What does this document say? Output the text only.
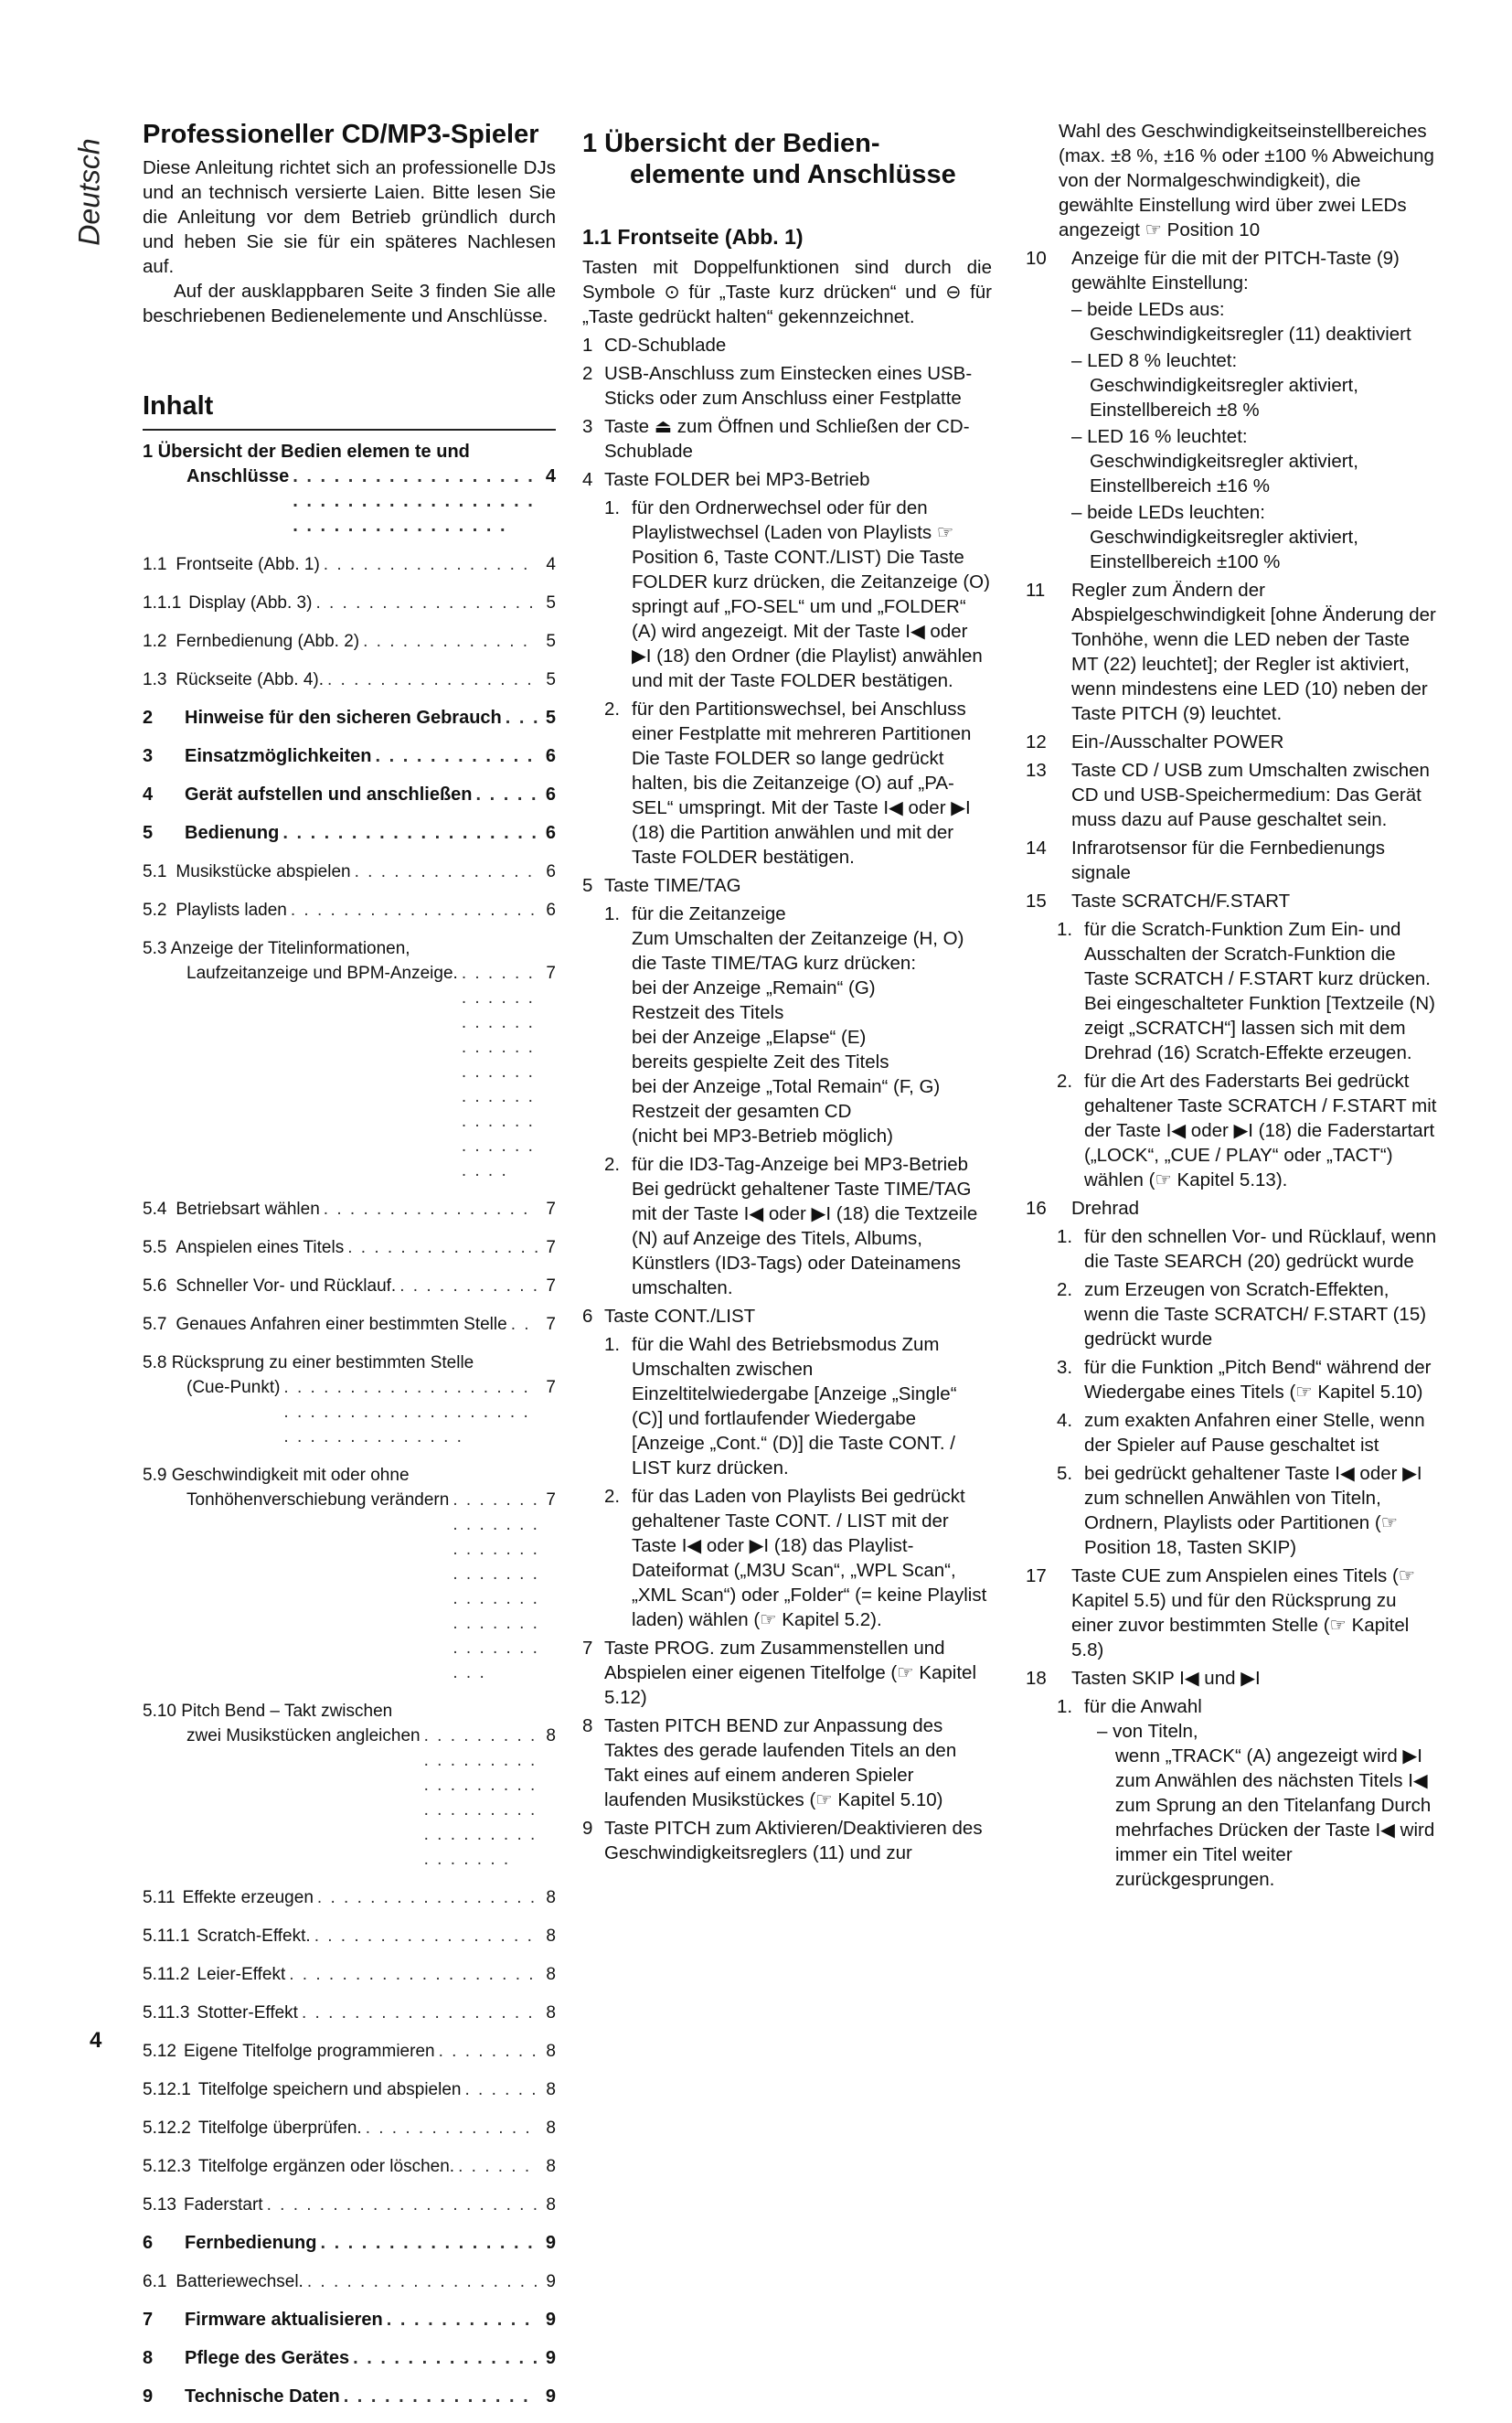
Deutsch
Professioneller CD/MP3-Spieler

Diese Anleitung richtet sich an professionelle DJs und an technisch versierte Laien. Bitte lesen Sie die Anleitung vor dem Betrieb gründlich durch und heben Sie sie für ein späteres Nachlesen auf.

Auf der ausklappbaren Seite 3 finden Sie alle beschriebenen Bedienelemente und Anschlüsse.

Inhalt
1 Übersicht der Bedien elemen te und
Anschlüsse . . .	4
1.1 Frontseite (Abb. 1) . . .	4
1.1.1 Display (Abb. 3) . . .	5
1.2 Fernbedienung (Abb. 2) . . .	5
1.3 Rückseite (Abb. 4). . . .	5
2	Hinweise für den sicheren Gebrauch . . . 5
3	Einsatzmöglichkeiten . . .	6
4	Gerät aufstellen und anschließen . . .	6
5	Bedienung . . .	6
5.1 Musikstücke abspielen . . .	6
5.2 Playlists laden . . .	6
5.3 Anzeige der Titelinformationen,
Laufzeitanzeige und BPM-Anzeige. . . .	7
5.4 Betriebsart wählen . . .	7
5.5 Anspielen eines Titels . . .	7
5.6 Schneller Vor- und Rücklauf. . . .	7
5.7 Genaues Anfahren einer bestimmten Stelle . . . 7
5.8 Rücksprung zu einer bestimmten Stelle
(Cue-Punkt) . . .	7
5.9 Geschwindigkeit mit oder ohne
Tonhöhenverschiebung verändern . . .	7
5.10 Pitch Bend – Takt zwischen
zwei Musikstücken angleichen . . .	8
5.11 Effekte erzeugen . . .	8
5.11.1 Scratch-Effekt. . . .	8
5.11.2 Leier-Effekt . . .	8
5.11.3 Stotter-Effekt . . .	8
5.12 Eigene Titelfolge programmieren . . .	8
5.12.1 Titelfolge speichern und abspielen . . .	8
5.12.2 Titelfolge überprüfen. . . .	8
5.12.3 Titelfolge ergänzen oder löschen. . . .	8
5.13 Faderstart . . .	8
6	Fernbedienung . . .	9
6.1 Batteriewechsel. . . .	9
7	Firmware aktualisieren . . .	9
8	Pflege des Gerätes . . .	9
9	Technische Daten . . .	9
1 Übersicht der Bedien-
elemente und Anschlüsse
1.1 Frontseite (Abb. 1)
Tasten mit Doppelfunktionen sind durch die Symbole ⊙ für „Taste kurz drücken“ und ⊖ für „Taste gedrückt halten“ gekennzeichnet.
1 CD-Schublade
2 USB-Anschluss zum Einstecken eines USB-Sticks oder zum Anschluss einer Festplatte
3 Taste ⏏ zum Öffnen und Schließen der CD-Schublade
4 Taste FOLDER bei MP3-Betrieb
1. für den Ordnerwechsel oder für den Playlistwechsel (Laden von Playlists ☞Position 6, Taste CONT./LIST) Die Taste FOLDER kurz drücken, die Zeitanzeige (O) springt auf „FO-SEL“ um und „FOLDER“ (A) wird angezeigt. Mit der Taste I◀ oder ▶I (18) den Ordner (die Playlist) anwählen und mit der Taste FOLDER bestätigen.
2. für den Partitionswechsel, bei Anschluss einer Festplatte mit mehreren Partitionen Die Taste FOLDER so lange gedrückt halten, bis die Zeitanzeige (O) auf „PA-SEL“ umspringt. Mit der Taste I◀ oder ▶I (18) die Partition anwählen und mit der Taste FOLDER bestätigen.
5 Taste TIME/TAG
1. für die Zeitanzeige
Zum Umschalten der Zeitanzeige (H, O) die Taste TIME/TAG kurz drücken:
bei der Anzeige „Remain“ (G)
Restzeit des Titels
bei der Anzeige „Elapse“ (E)
bereits gespielte Zeit des Titels
bei der Anzeige „Total Remain“ (F, G)
Restzeit der gesamten CD
(nicht bei MP3-Betrieb möglich)
2. für die ID3-Tag-Anzeige bei MP3-Betrieb Bei gedrückt gehaltener Taste TIME/TAG mit der Taste I◀ oder ▶I (18) die Textzeile (N) auf Anzeige des Titels, Albums, Künstlers (ID3-Tags) oder Dateinamens umschalten.
6 Taste CONT./LIST
1. für die Wahl des Betriebsmodus Zum Umschalten zwischen Einzeltitelwiedergabe [Anzeige „Single“ (C)] und fortlaufender Wiedergabe [Anzeige „Cont.“ (D)] die Taste CONT. / LIST kurz drücken.
2. für das Laden von Playlists Bei gedrückt gehaltener Taste CONT. / LIST mit der Taste I◀ oder ▶I (18) das Playlist-Dateiformat („M3U Scan“, „WPL Scan“, „XML Scan“) oder „Folder“ (= keine Playlist laden) wählen (☞ Kapitel 5.2).
7 Taste PROG. zum Zusammenstellen und Abspielen einer eigenen Titelfolge (☞ Kapitel 5.12)
8 Tasten PITCH BEND zur Anpassung des Taktes des gerade laufenden Titels an den Takt eines auf einem anderen Spieler laufenden Musikstückes (☞ Kapitel 5.10)
9 Taste PITCH zum Aktivieren/Deaktivieren des Geschwindigkeitsreglers (11) und zur
Wahl des Geschwindigkeitseinstellbereiches (max. ±8 %, ±16 % oder ±100 % Abweichung von der Normalgeschwindigkeit), die gewählte Einstellung wird über zwei LEDs angezeigt ☞ Position 10
10	Anzeige für die mit der PITCH-Taste (9) gewählte Einstellung:
– beide LEDs aus:
Geschwindigkeitsregler (11) deaktiviert
– LED 8 % leuchtet:
Geschwindigkeitsregler aktiviert, Einstellbereich ±8 %
– LED 16 % leuchtet:
Geschwindigkeitsregler aktiviert, Einstellbereich ±16 %
– beide LEDs leuchten:
Geschwindigkeitsregler aktiviert, Einstellbereich ±100 %
11	Regler zum Ändern der Abspielgeschwindigkeit [ohne Änderung der Tonhöhe, wenn die LED neben der Taste MT (22) leuchtet]; der Regler ist aktiviert, wenn mindestens eine LED (10) neben der Taste PITCH (9) leuchtet.
12	Ein-/Ausschalter POWER
13	Taste CD / USB zum Umschalten zwischen CD und USB-Speichermedium: Das Gerät muss dazu auf Pause geschaltet sein.
14	Infrarotsensor für die Fernbedienungs signale
15	Taste SCRATCH/F.START
1. für die Scratch-Funktion Zum Ein- und Ausschalten der Scratch-Funktion die Taste SCRATCH / F.START kurz drücken. Bei eingeschalteter Funktion [Textzeile (N) zeigt „SCRATCH“] lassen sich mit dem Drehrad (16) Scratch-Effekte erzeugen.
2. für die Art des Faderstarts Bei gedrückt gehaltener Taste SCRATCH / F.START mit der Taste I◀ oder ▶I (18) die Faderstartart („LOCK“, „CUE / PLAY“ oder „TACT“) wählen (☞ Kapitel 5.13).
16	Drehrad
1. für den schnellen Vor- und Rücklauf, wenn die Taste SEARCH (20) gedrückt wurde
2. zum Erzeugen von Scratch-Effekten, wenn die Taste SCRATCH/ F.START (15) gedrückt wurde
3. für die Funktion „Pitch Bend“ während der Wiedergabe eines Titels (☞ Kapitel 5.10)
4. zum exakten Anfahren einer Stelle, wenn der Spieler auf Pause geschaltet ist
5. bei gedrückt gehaltener Taste I◀ oder ▶I zum schnellen Anwählen von Titeln, Ordnern, Playlists oder Partitionen (☞ Position 18, Tasten SKIP)
17	Taste CUE zum Anspielen eines Titels (☞ Kapitel 5.5) und für den Rücksprung zu einer zuvor bestimmten Stelle (☞ Kapitel 5.8)
18	Tasten SKIP I◀ und ▶I
1. für die Anwahl
– von Titeln,
wenn „TRACK“ (A) angezeigt wird ▶I zum Anwählen des nächsten Titels I◀ zum Sprung an den Titelanfang Durch mehrfaches Drücken der Taste I◀ wird immer ein Titel weiter zurückgesprungen.
4
